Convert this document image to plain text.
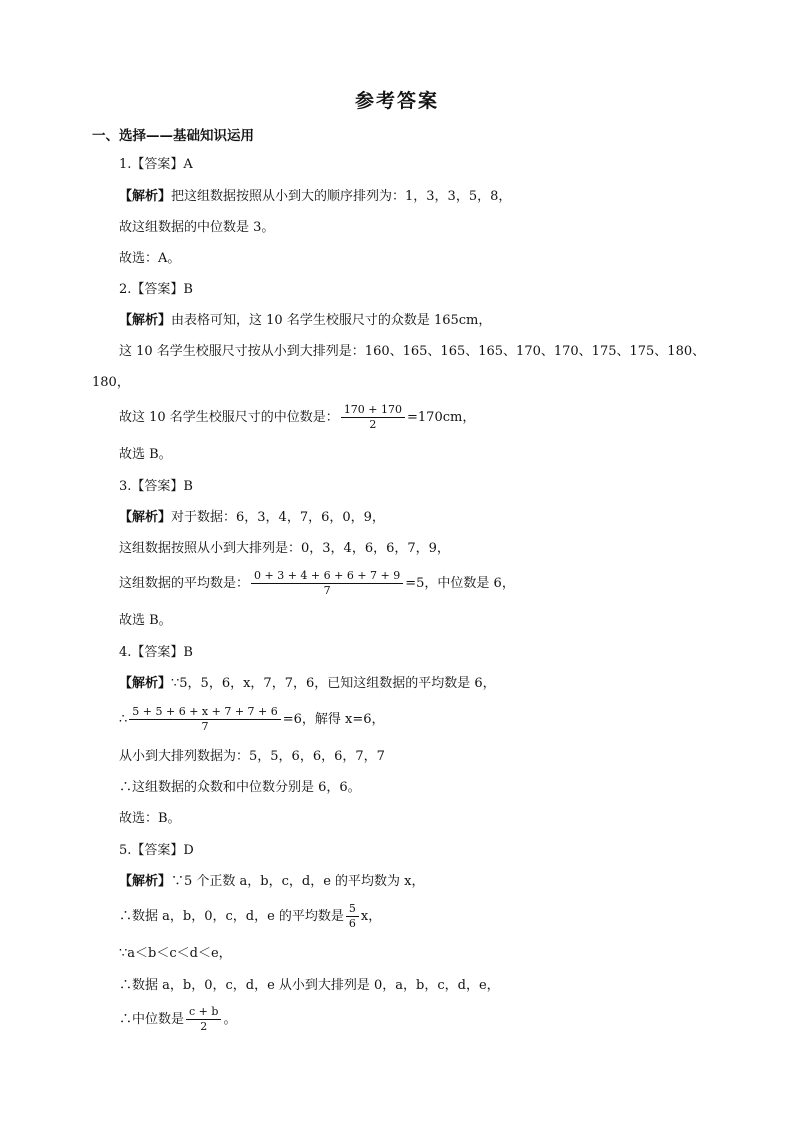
参考答案
一、选择——基础知识运用
1.【答案】A
【解析】把这组数据按照从小到大的顺序排列为：1，3，3，5，8，
故这组数据的中位数是 3。
故选：A。
2.【答案】B
【解析】由表格可知，这 10 名学生校服尺寸的众数是 165cm，
这 10 名学生校服尺寸按从小到大排列是：160、165、165、165、170、170、175、175、180、
180，
故这 10 名学生校服尺寸的中位数是： $\frac{170 + 170}{2} =170cm$，
故选 B。
3.【答案】B
【解析】对于数据：6，3，4，7，6，0，9，
这组数据按照从小到大排列是：0，3，4，6，6，7，9，
这组数据的平均数是： $\frac{0 + 3 + 4 + 6 + 6 + 7 + 9}{7} =5$，中位数是 6，
故选 B。
4.【答案】B
【解析】∵5，5，6，x，7，7，6，已知这组数据的平均数是 6，
∴ $\frac{5 + 5 + 6 + x + 7 + 7 + 6}{7} =6$，解得 x=6，
从小到大排列数据为：5，5，6，6，6，7，7
∴这组数据的众数和中位数分别是 6，6。
故选：B。
5.【答案】D
【解析】∵5 个正数 a，b，c，d，e 的平均数为 x，
∴数据 a，b，0，c，d，e 的平均数是 $\frac{5}{6}$ x，
∵a＜b＜c＜d＜e，
∴数据 a，b，0，c，d，e 从小到大排列是 0，a，b，c，d，e，
∴中位数是 $\frac{c + b}{2}$ 。
